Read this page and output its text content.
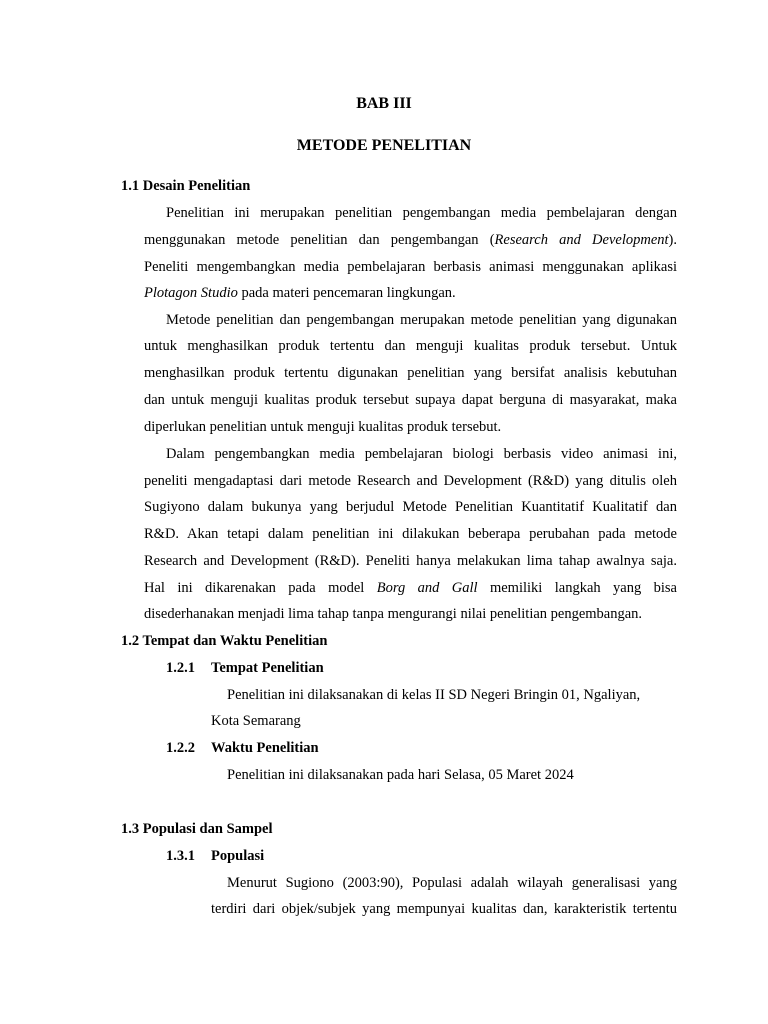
BAB III
METODE PENELITIAN
1.1 Desain Penelitian
Penelitian ini merupakan penelitian pengembangan media pembelajaran dengan
menggunakan metode penelitian dan pengembangan (Research and Development).
Peneliti mengembangkan media pembelajaran berbasis animasi menggunakan aplikasi
Plotagon Studio pada materi pencemaran lingkungan.
Metode penelitian dan pengembangan merupakan metode penelitian yang digunakan
untuk menghasilkan produk tertentu dan menguji kualitas produk tersebut. Untuk
menghasilkan produk tertentu digunakan penelitian yang bersifat analisis kebutuhan
dan untuk menguji kualitas produk tersebut supaya dapat berguna di masyarakat, maka
diperlukan penelitian untuk menguji kualitas produk tersebut.
Dalam pengembangkan media pembelajaran biologi berbasis video animasi ini,
peneliti mengadaptasi dari metode Research and Development (R&D) yang ditulis oleh
Sugiyono dalam bukunya yang berjudul Metode Penelitian Kuantitatif Kualitatif dan
R&D. Akan tetapi dalam penelitian ini dilakukan beberapa perubahan pada metode
Research and Development (R&D). Peneliti hanya melakukan lima tahap awalnya saja.
Hal ini dikarenakan pada model Borg and Gall memiliki langkah yang bisa
disederhanakan menjadi lima tahap tanpa mengurangi nilai penelitian pengembangan.
1.2 Tempat dan Waktu Penelitian
1.2.1 Tempat Penelitian
Penelitian ini dilaksanakan di kelas II SD Negeri Bringin 01, Ngaliyan,
Kota Semarang
1.2.2 Waktu Penelitian
Penelitian ini dilaksanakan pada hari Selasa, 05 Maret 2024
1.3 Populasi dan Sampel
1.3.1 Populasi
Menurut Sugiono (2003:90), Populasi adalah wilayah generalisasi yang
terdiri dari objek/subjek yang mempunyai kualitas dan, karakteristik tertentu
